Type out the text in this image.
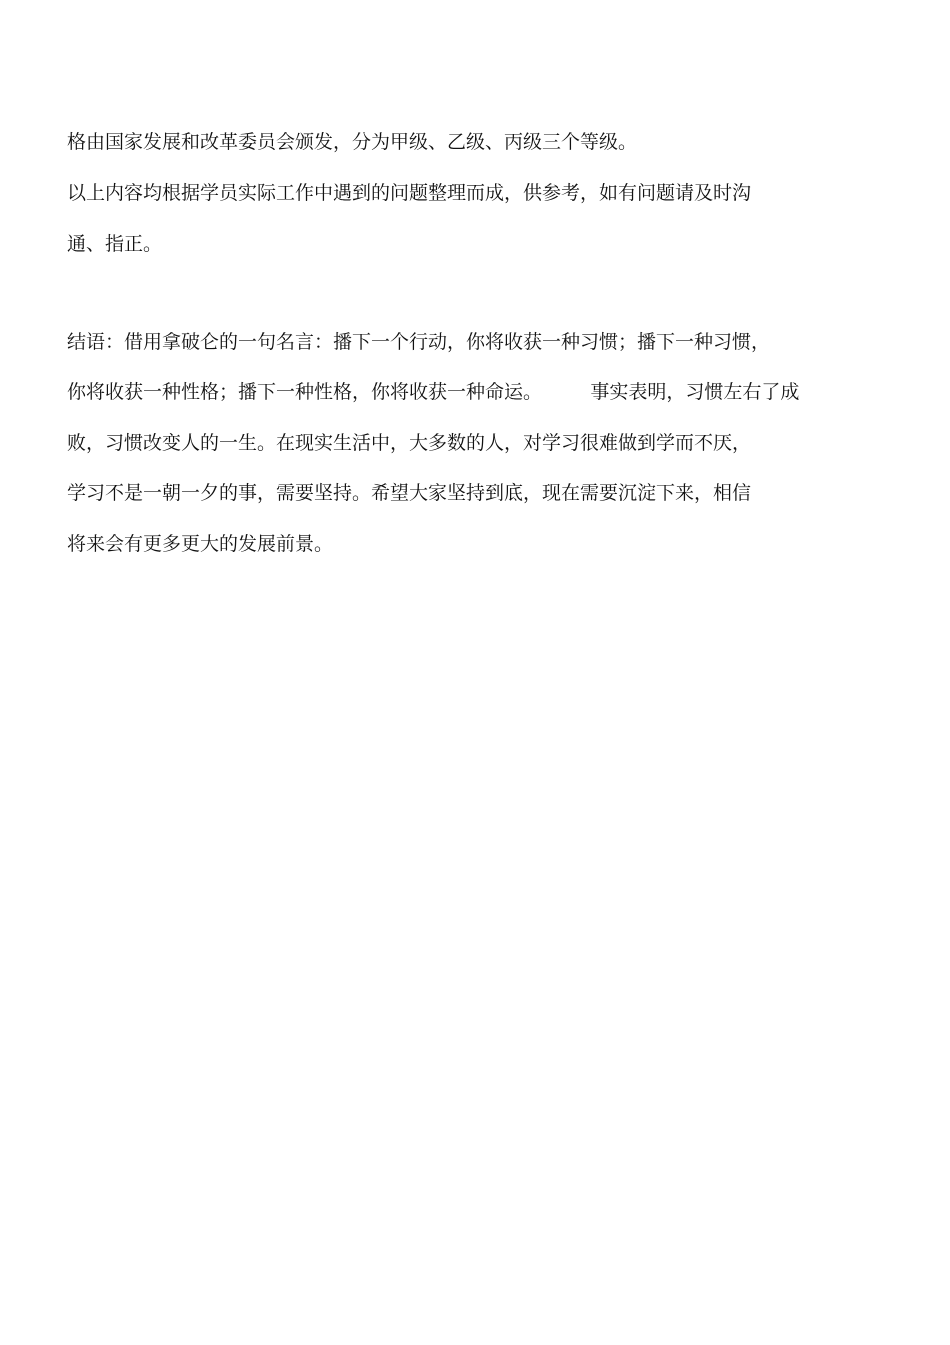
格由国家发展和改革委员会颁发，分为甲级、乙级、丙级三个等级。
以上内容均根据学员实际工作中遇到的问题整理而成，供参考，如有问题请及时沟
通、指正。
结语：借用拿破仑的一句名言：播下一个行动，你将收获一种习惯；播下一种习惯，
你将收获一种性格；播下一种性格，你将收获一种命运。        事实表明，习惯左右了成
败，习惯改变人的一生。在现实生活中，大多数的人，对学习很难做到学而不厌，
学习不是一朝一夕的事，需要坚持。希望大家坚持到底，现在需要沉淀下来，相信
将来会有更多更大的发展前景。
